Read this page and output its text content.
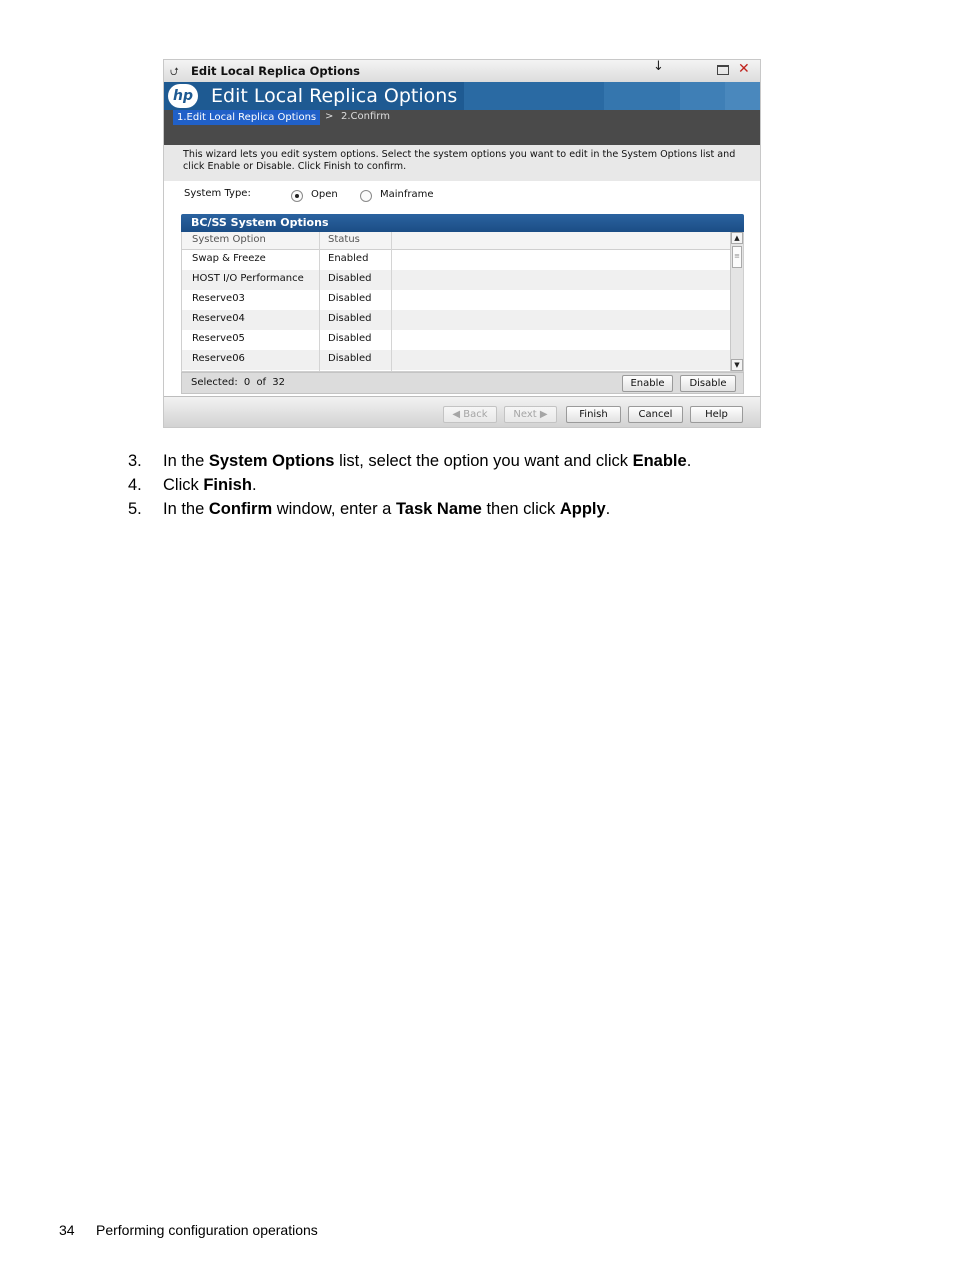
⮍ Edit Local Replica Options	↓	✕
hp Edit Local Replica Options
1.Edit Local Replica Options > 2.Confirm

This wizard lets you edit system options. Select the system options you want to edit in the System Options list and click Enable or Disable. Click Finish to confirm.

System Type:	Open	Mainframe
BC/SS System Options
System Option	Status
Swap & Freeze	Enabled
HOST I/O Performance Disabled
Reserve03	Disabled
Reserve04	Disabled
Reserve05	Disabled
Reserve06	Disabled
▲
≡
▼
Selected: 0 of 32	Enable	Disable
◀ Back	Next ▶	Finish	Cancel	Help
3.	In the System Options list, select the option you want and click Enable.
4.	Click Finish.
5.	In the Confirm window, enter a Task Name then click Apply.
34 Performing configuration operations
